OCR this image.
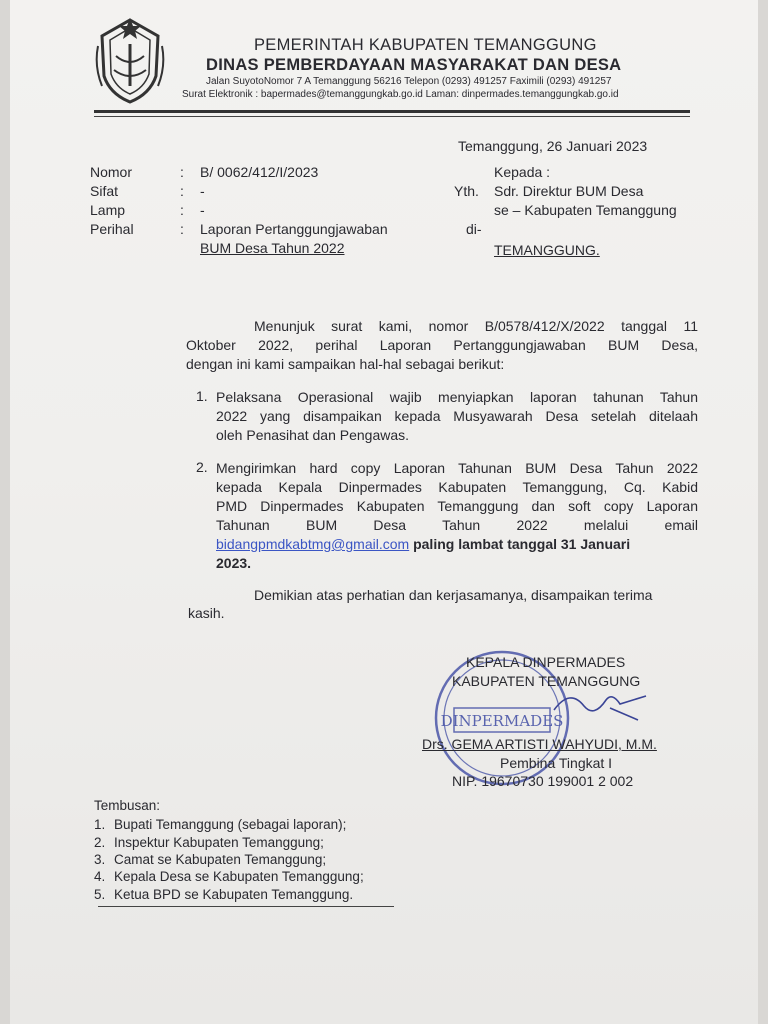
PEMERINTAH KABUPATEN TEMANGGUNG
DINAS PEMBERDAYAAN MASYARAKAT DAN DESA
Jalan SuyotoNomor 7 A Temanggung 56216 Telepon (0293) 491257 Faximili (0293) 491257
Surat Elektronik : bapermades@temanggungkab.go.id Laman: dinpermades.temanggungkab.go.id
Temanggung, 26 Januari 2023
Nomor	: B/ 0062/412/I/2023
Sifat	: -
Lamp	: -
Perihal	: Laporan Pertanggungjawaban
BUM Desa Tahun 2022
Kepada :
Yth. Sdr. Direktur BUM Desa
se – Kabupaten Temanggung
di-
TEMANGGUNG.
Menunjuk surat kami, nomor B/0578/412/X/2022 tanggal 11
Oktober 2022, perihal Laporan Pertanggungjawaban BUM Desa,
dengan ini kami sampaikan hal-hal sebagai berikut:
1. Pelaksana Operasional wajib menyiapkan laporan tahunan Tahun
2022 yang disampaikan kepada Musyawarah Desa setelah ditelaah
oleh Penasihat dan Pengawas.
2. Mengirimkan hard copy Laporan Tahunan BUM Desa Tahun 2022
kepada Kepala Dinpermades Kabupaten Temanggung, Cq. Kabid
PMD Dinpermades Kabupaten Temanggung dan soft copy Laporan
Tahunan     BUM     Desa     Tahun     2022     melalui     email
bidangpmdkabtmg@gmail.com paling lambat tanggal 31 Januari
2023.
Demikian atas perhatian dan kerjasamanya, disampaikan terima
kasih.
DINPERMADES
KEPALA DINPERMADES
KABUPATEN TEMANGGUNG
Drs. GEMA ARTISTI WAHYUDI, M.M.
Pembina Tingkat I
NIP. 19670730 199001 2 002
Tembusan:
1. Bupati Temanggung (sebagai laporan);
2. Inspektur Kabupaten Temanggung;
3. Camat se Kabupaten Temanggung;
4. Kepala Desa se Kabupaten Temanggung;
5. Ketua BPD se Kabupaten Temanggung.
